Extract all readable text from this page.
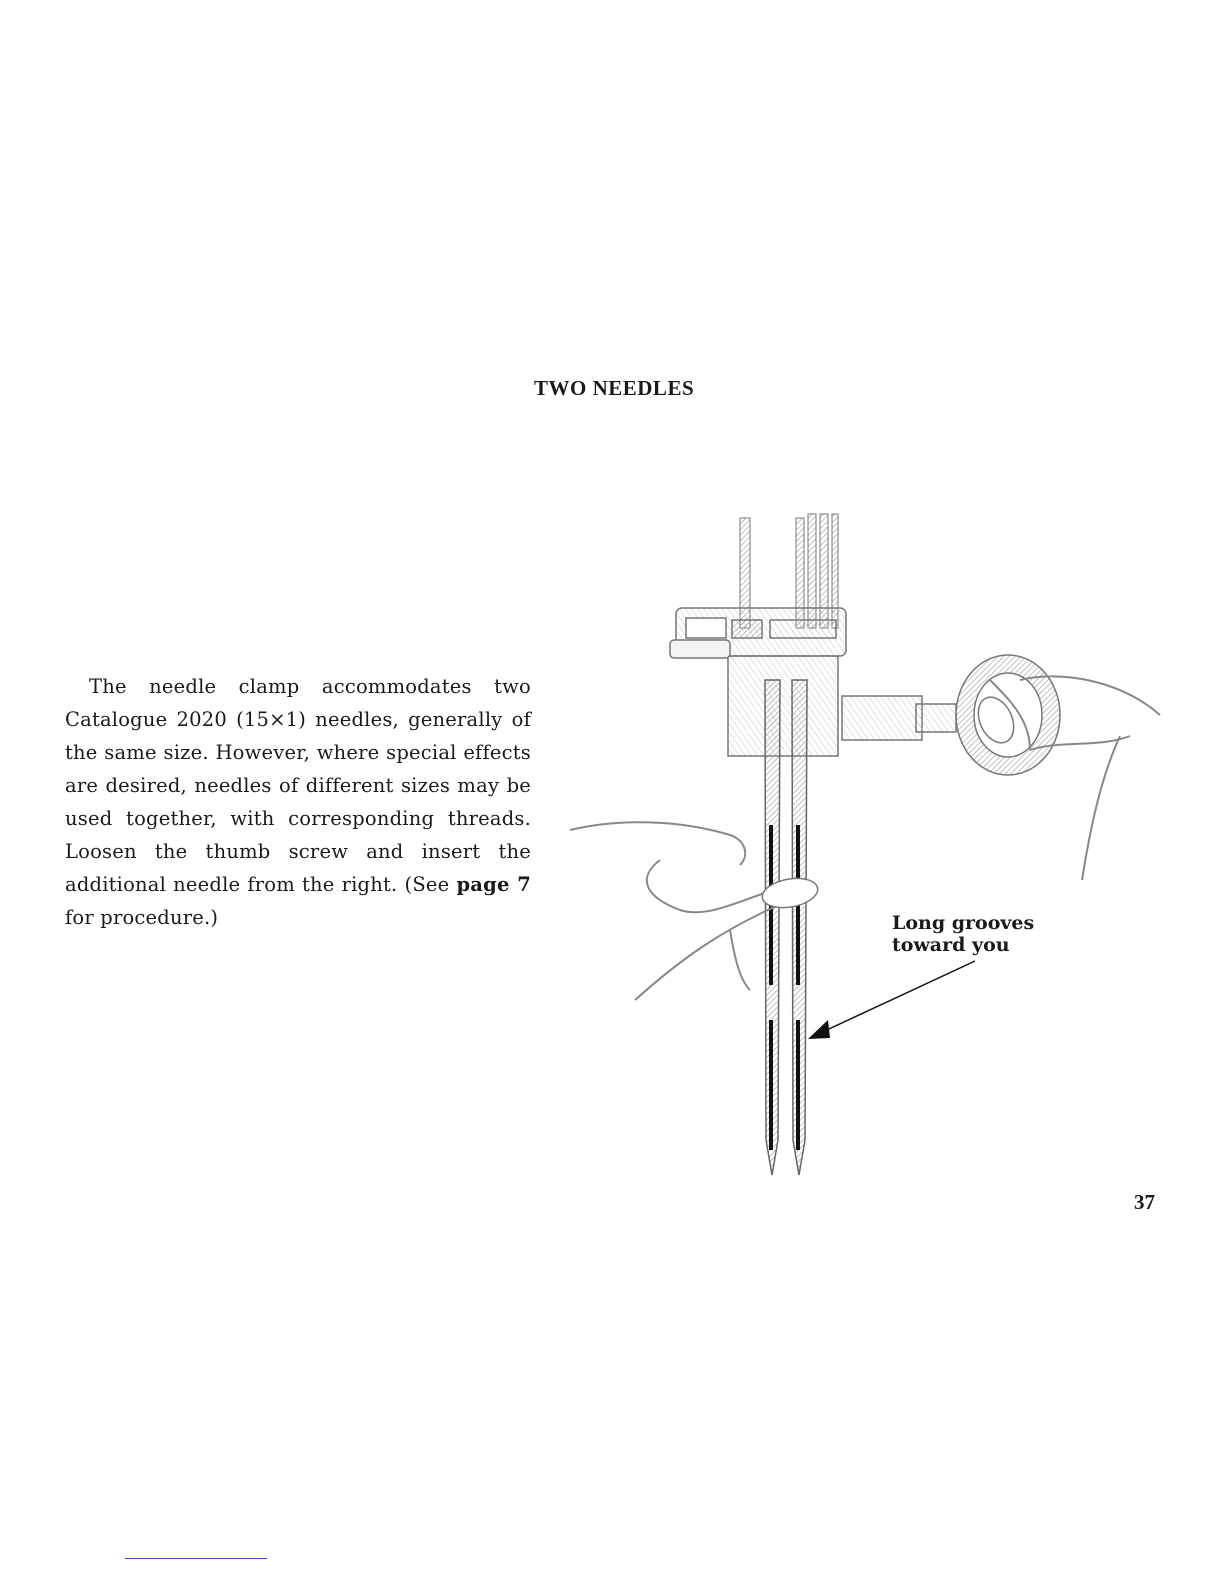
TWO NEEDLES

The needle clamp accommodates two Catalogue 2020 (15×1) needles, generally of the same size. However, where special effects are desired, needles of different sizes may be used together, with corresponding threads. Loosen the thumb screw and insert the additional needle from the right. (See page 7 for procedure.)	Long grooves
toward you
37
